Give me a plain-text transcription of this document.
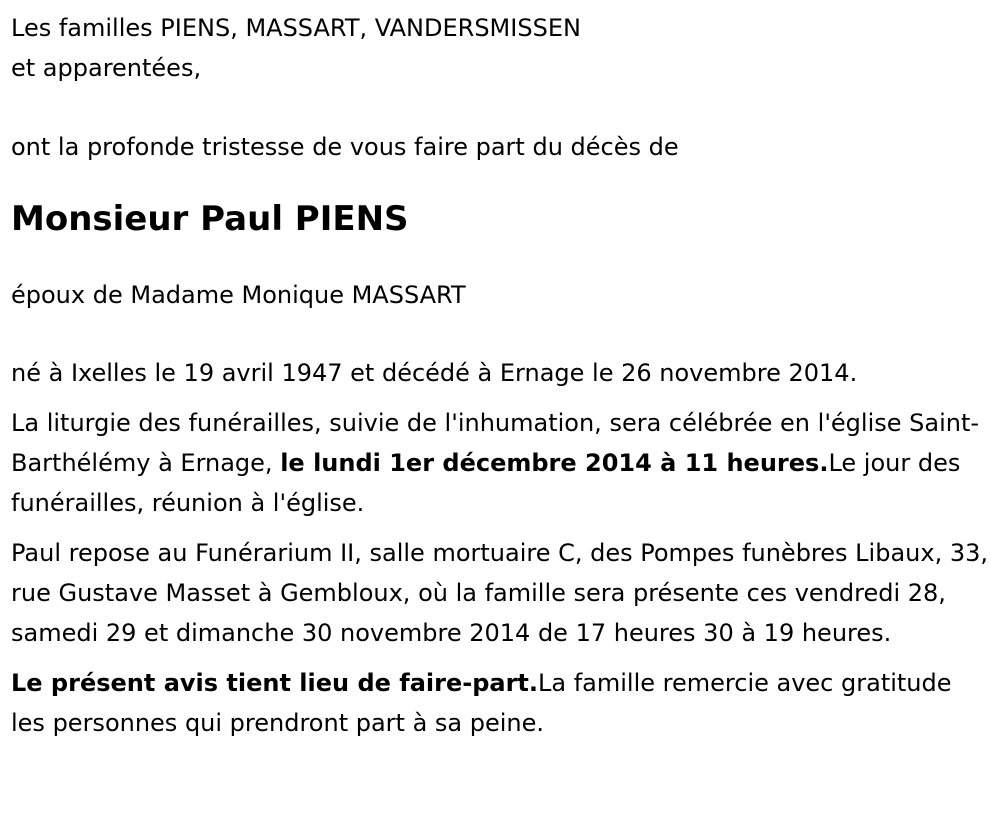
Les familles PIENS, MASSART, VANDERSMISSEN
et apparentées,

ont la profonde tristesse de vous faire part du décès de

Monsieur Paul PIENS

époux de Madame Monique MASSART

né à Ixelles le 19 avril 1947 et décédé à Ernage le 26 novembre 2014.

La liturgie des funérailles, suivie de l'inhumation, sera célébrée en l'église Saint-Barthélémy à Ernage, le lundi 1er décembre 2014 à 11 heures.Le jour des funérailles, réunion à l'église.

Paul repose au Funérarium II, salle mortuaire C, des Pompes funèbres Libaux, 33, rue Gustave Masset à Gembloux, où la famille sera présente ces vendredi 28, samedi 29 et dimanche 30 novembre 2014 de 17 heures 30 à 19 heures.

Le présent avis tient lieu de faire-part.La famille remercie avec gratitude les personnes qui prendront part à sa peine.
